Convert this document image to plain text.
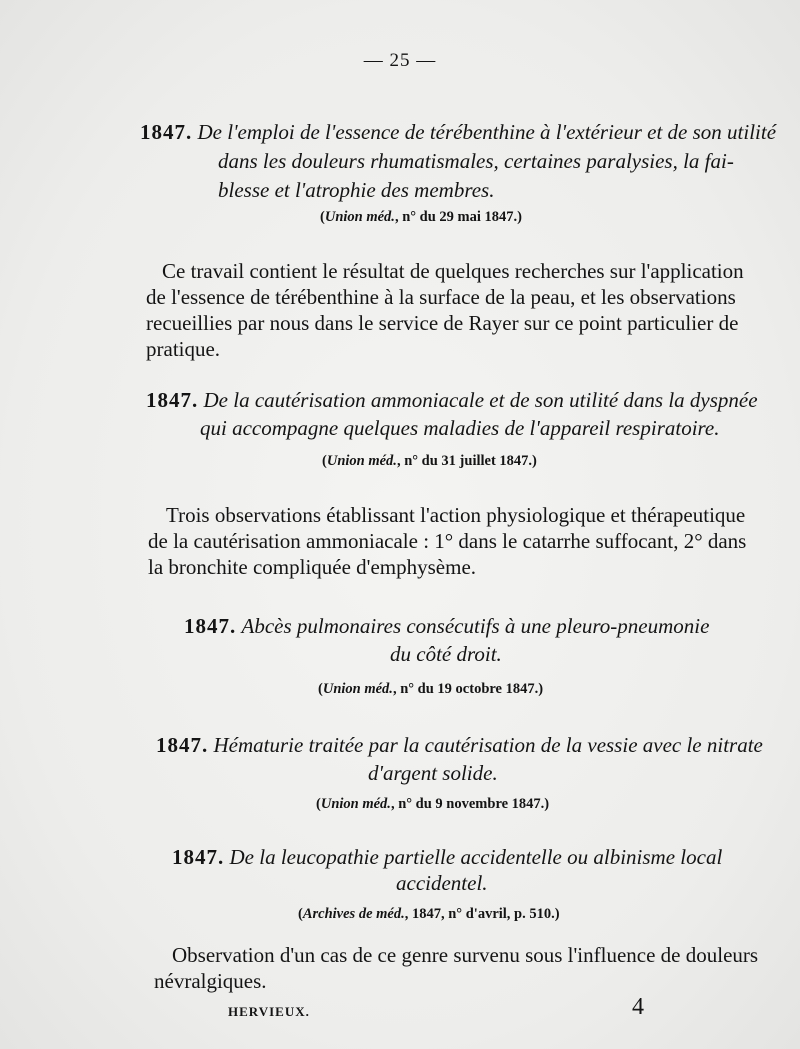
— 25 —
1847. De l'emploi de l'essence de térébenthine à l'extérieur et de son utilité
dans les douleurs rhumatismales, certaines paralysies, la fai-
blesse et l'atrophie des membres.
(Union méd., n° du 29 mai 1847.)
Ce travail contient le résultat de quelques recherches sur l'application
de l'essence de térébenthine à la surface de la peau, et les observations
recueillies par nous dans le service de Rayer sur ce point particulier de
pratique.
1847. De la cautérisation ammoniacale et de son utilité dans la dyspnée
qui accompagne quelques maladies de l'appareil respiratoire.
(Union méd., n° du 31 juillet 1847.)
Trois observations établissant l'action physiologique et thérapeutique
de la cautérisation ammoniacale : 1° dans le catarrhe suffocant, 2° dans
la bronchite compliquée d'emphysème.
1847. Abcès pulmonaires consécutifs à une pleuro-pneumonie
du côté droit.
(Union méd., n° du 19 octobre 1847.)
1847. Hématurie traitée par la cautérisation de la vessie avec le nitrate
d'argent solide.
(Union méd., n° du 9 novembre 1847.)
1847. De la leucopathie partielle accidentelle ou albinisme local
accidentel.
(Archives de méd., 1847, n° d'avril, p. 510.)
Observation d'un cas de ce genre survenu sous l'influence de douleurs
névralgiques.
HERVIEUX.	4
